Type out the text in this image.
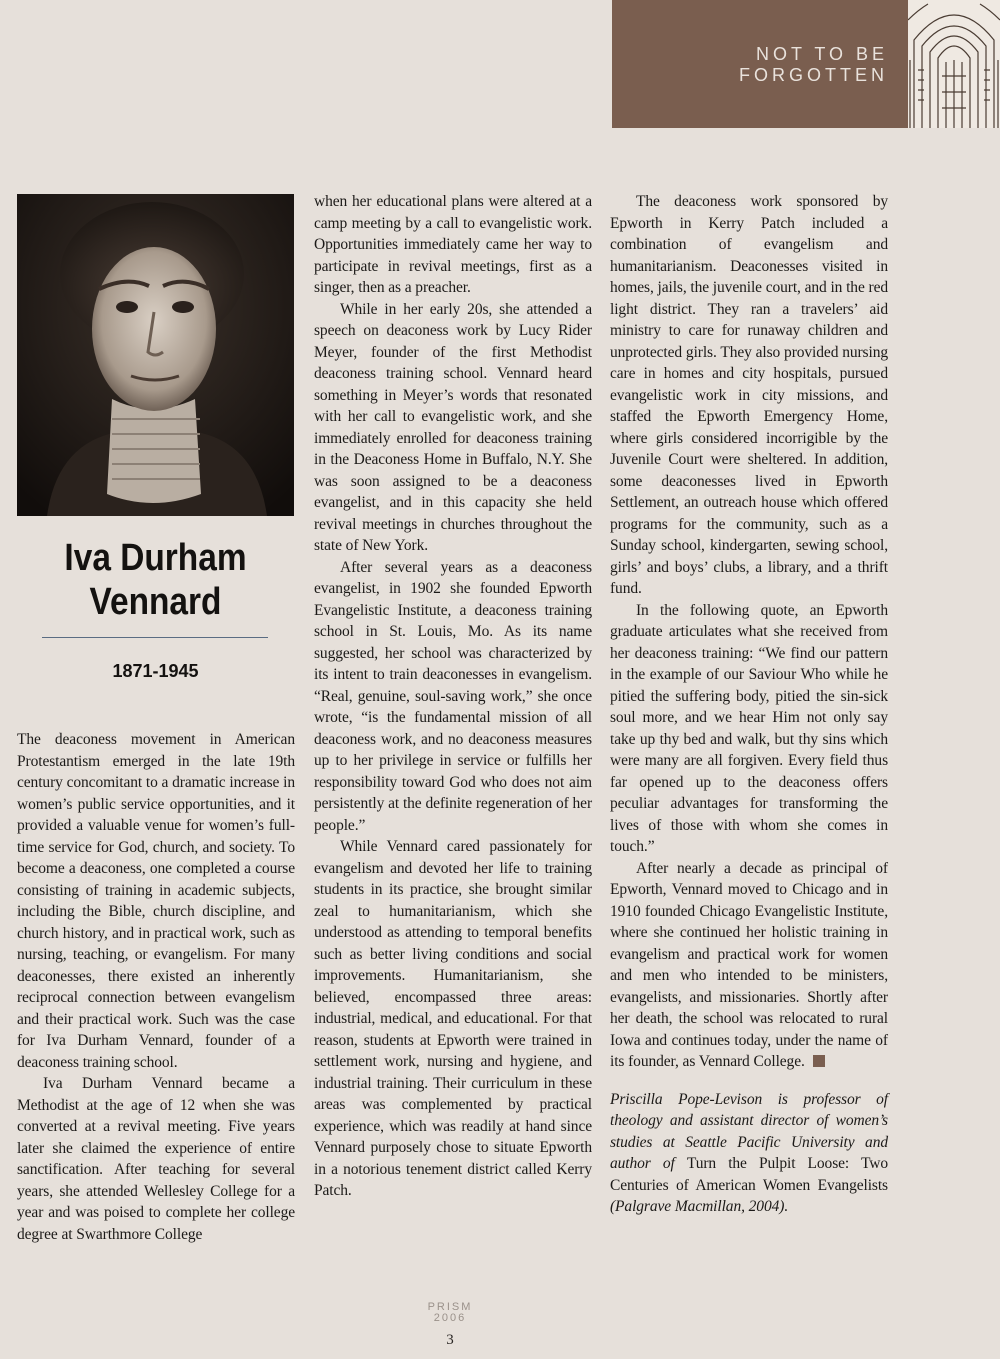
NOT TO BE
FORGOTTEN
Iva Durham
Vennard
1871-1945

The deaconess movement in American Protestantism emerged in the late 19th century concomitant to a dramatic increase in women’s public service opportunities, and it provided a valuable venue for women’s full-time service for God, church, and society. To become a deaconess, one completed a course consisting of training in academic subjects, including the Bible, church discipline, and church history, and in practical work, such as nursing, teaching, or evangelism. For many deaconesses, there existed an inherently reciprocal connection between evangelism and their practical work. Such was the case for Iva Durham Vennard, founder of a deaconess training school.

Iva Durham Vennard became a Methodist at the age of 12 when she was converted at a revival meeting. Five years later she claimed the experience of entire sanctification. After teaching for several years, she attended Wellesley College for a year and was poised to complete her college degree at Swarthmore College

when her educational plans were altered at a camp meeting by a call to evangelistic work. Opportunities immediately came her way to participate in revival meetings, first as a singer, then as a preacher.

While in her early 20s, she attended a speech on deaconess work by Lucy Rider Meyer, founder of the first Methodist deaconess training school. Vennard heard something in Meyer’s words that resonated with her call to evangelistic work, and she immediately enrolled for deaconess training in the Deaconess Home in Buffalo, N.Y. She was soon assigned to be a deaconess evangelist, and in this capacity she held revival meetings in churches throughout the state of New York.

After several years as a deaconess evangelist, in 1902 she founded Epworth Evangelistic Institute, a deaconess training school in St. Louis, Mo. As its name suggested, her school was characterized by its intent to train deaconesses in evangelism. “Real, genuine, soul-saving work,” she once wrote, “is the fundamental mission of all deaconess work, and no deaconess measures up to her privilege in service or fulfills her responsibility toward God who does not aim persistently at the definite regeneration of her people.”

While Vennard cared passionately for evangelism and devoted her life to training students in its practice, she brought similar zeal to humanitarianism, which she understood as attending to temporal benefits such as better living conditions and social improvements. Humanitarianism, she believed, encompassed three areas: industrial, medical, and educational. For that reason, students at Epworth were trained in settlement work, nursing and hygiene, and industrial training. Their curriculum in these areas was complemented by practical experience, which was readily at hand since Vennard purposely chose to situate Epworth in a notorious tenement district called Kerry Patch.

The deaconess work sponsored by Epworth in Kerry Patch included a combination of evangelism and humanitarianism. Deaconesses visited in homes, jails, the juvenile court, and in the red light district. They ran a travelers’ aid ministry to care for runaway children and unprotected girls. They also provided nursing care in homes and city hospitals, pursued evangelistic work in city missions, and staffed the Epworth Emergency Home, where girls considered incorrigible by the Juvenile Court were sheltered. In addition, some deaconesses lived in Epworth Settlement, an outreach house which offered programs for the community, such as a Sunday school, kindergarten, sewing school, girls’ and boys’ clubs, a library, and a thrift fund.

In the following quote, an Epworth graduate articulates what she received from her deaconess training: “We find our pattern in the example of our Saviour Who while he pitied the suffering body, pitied the sin-sick soul more, and we hear Him not only say take up thy bed and walk, but thy sins which were many are all forgiven. Every field thus far opened up to the deaconess offers peculiar advantages for transforming the lives of those with whom she comes in touch.”

After nearly a decade as principal of Epworth, Vennard moved to Chicago and in 1910 founded Chicago Evangelistic Institute, where she continued her holistic training in evangelism and practical work for women and men who intended to be ministers, evangelists, and missionaries. Shortly after her death, the school was relocated to rural Iowa and continues today, under the name of its founder, as Vennard College.

Priscilla Pope-Levison is professor of theology and assistant director of women’s studies at Seattle Pacific University and author of Turn the Pulpit Loose: Two Centuries of American Women Evangelists (Palgrave Macmillan, 2004).

PRISM
2006
3
